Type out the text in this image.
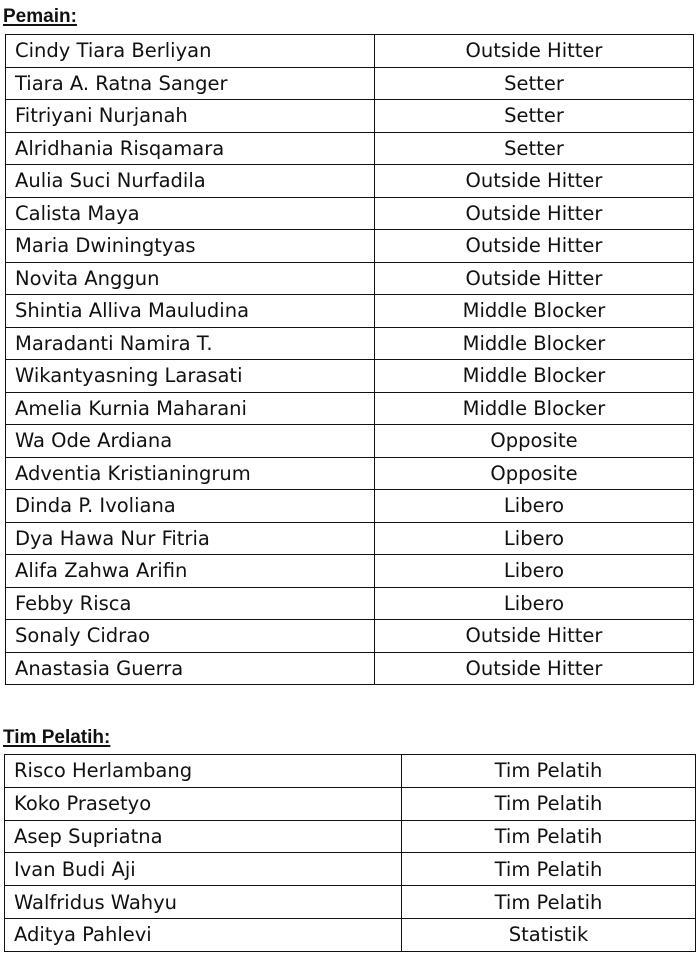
Pemain:
Cindy Tiara Berliyan	Outside Hitter
Tiara A. Ratna Sanger	Setter
Fitriyani Nurjanah	Setter
Alridhania Risqamara	Setter
Aulia Suci Nurfadila	Outside Hitter
Calista Maya	Outside Hitter
Maria Dwiningtyas	Outside Hitter
Novita Anggun	Outside Hitter
Shintia Alliva Mauludina	Middle Blocker
Maradanti Namira T.	Middle Blocker
Wikantyasning Larasati	Middle Blocker
Amelia Kurnia Maharani	Middle Blocker
Wa Ode Ardiana	Opposite
Adventia Kristianingrum	Opposite
Dinda P. Ivoliana	Libero
Dya Hawa Nur Fitria	Libero
Alifa Zahwa Arifin	Libero
Febby Risca	Libero
Sonaly Cidrao	Outside Hitter
Anastasia Guerra	Outside Hitter
Tim Pelatih:
Risco Herlambang	Tim Pelatih
Koko Prasetyo	Tim Pelatih
Asep Supriatna	Tim Pelatih
Ivan Budi Aji	Tim Pelatih
Walfridus Wahyu	Tim Pelatih
Aditya Pahlevi	Statistik
